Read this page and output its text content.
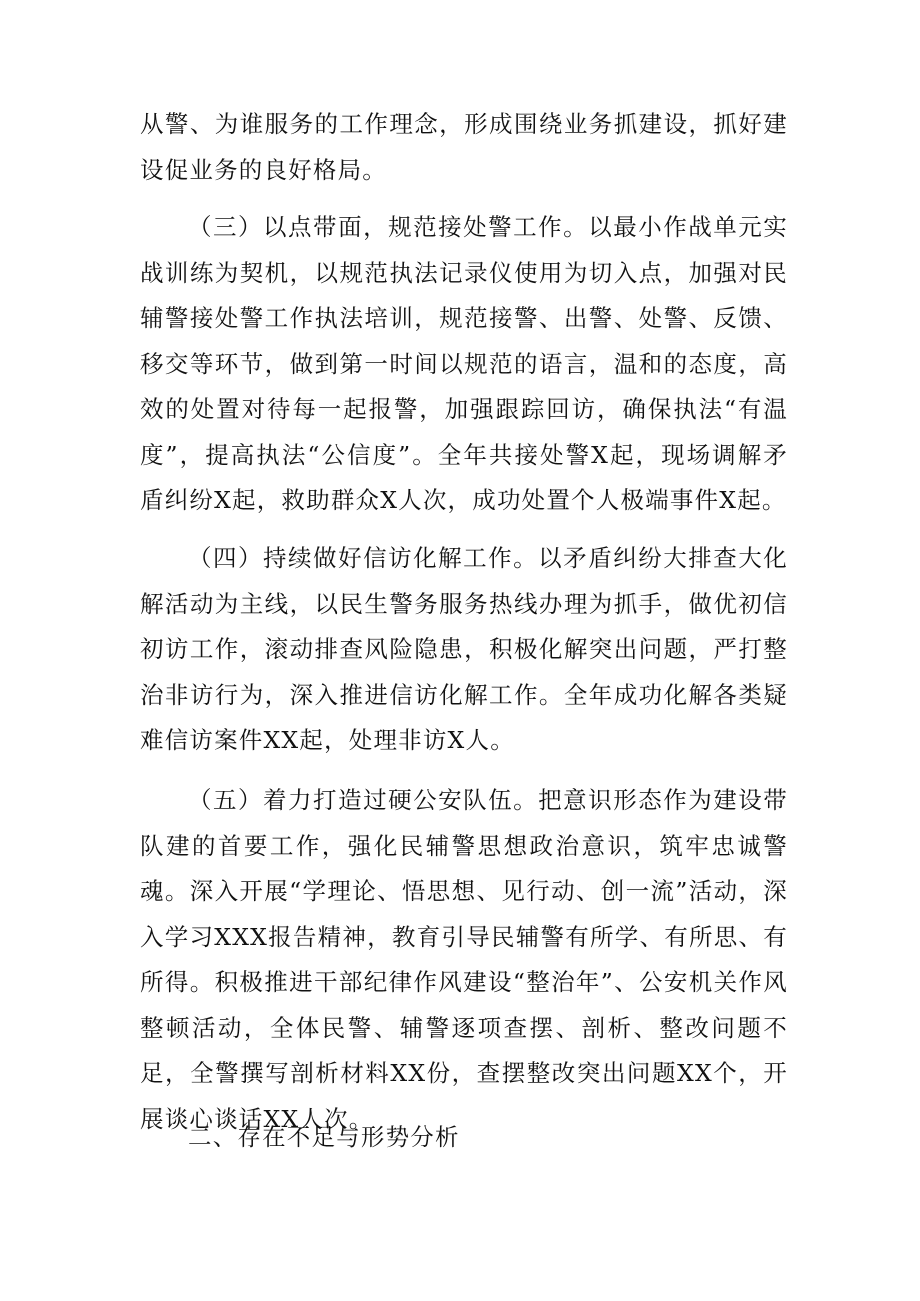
从警、为谁服务的工作理念，形成围绕业务抓建设，抓好建设促业务的良好格局。

（三）以点带面，规范接处警工作。以最小作战单元实战训练为契机，以规范执法记录仪使用为切入点，加强对民辅警接处警工作执法培训，规范接警、出警、处警、反馈、移交等环节，做到第一时间以规范的语言，温和的态度，高效的处置对待每一起报警，加强跟踪回访，确保执法“有温度”，提高执法“公信度”。全年共接处警X起，现场调解矛盾纠纷X起，救助群众X人次，成功处置个人极端事件X起。

（四）持续做好信访化解工作。以矛盾纠纷大排查大化解活动为主线，以民生警务服务热线办理为抓手，做优初信初访工作，滚动排查风险隐患，积极化解突出问题，严打整治非访行为，深入推进信访化解工作。全年成功化解各类疑难信访案件XX起，处理非访X人。

（五）着力打造过硬公安队伍。把意识形态作为建设带队建的首要工作，强化民辅警思想政治意识，筑牢忠诚警魂。深入开展“学理论、悟思想、见行动、创一流”活动，深入学习XXX报告精神，教育引导民辅警有所学、有所思、有所得。积极推进干部纪律作风建设“整治年”、公安机关作风整顿活动，全体民警、辅警逐项查摆、剖析、整改问题不足，全警撰写剖析材料XX份，查摆整改突出问题XX个，开展谈心谈话XX人次。

二、存在不足与形势分析
